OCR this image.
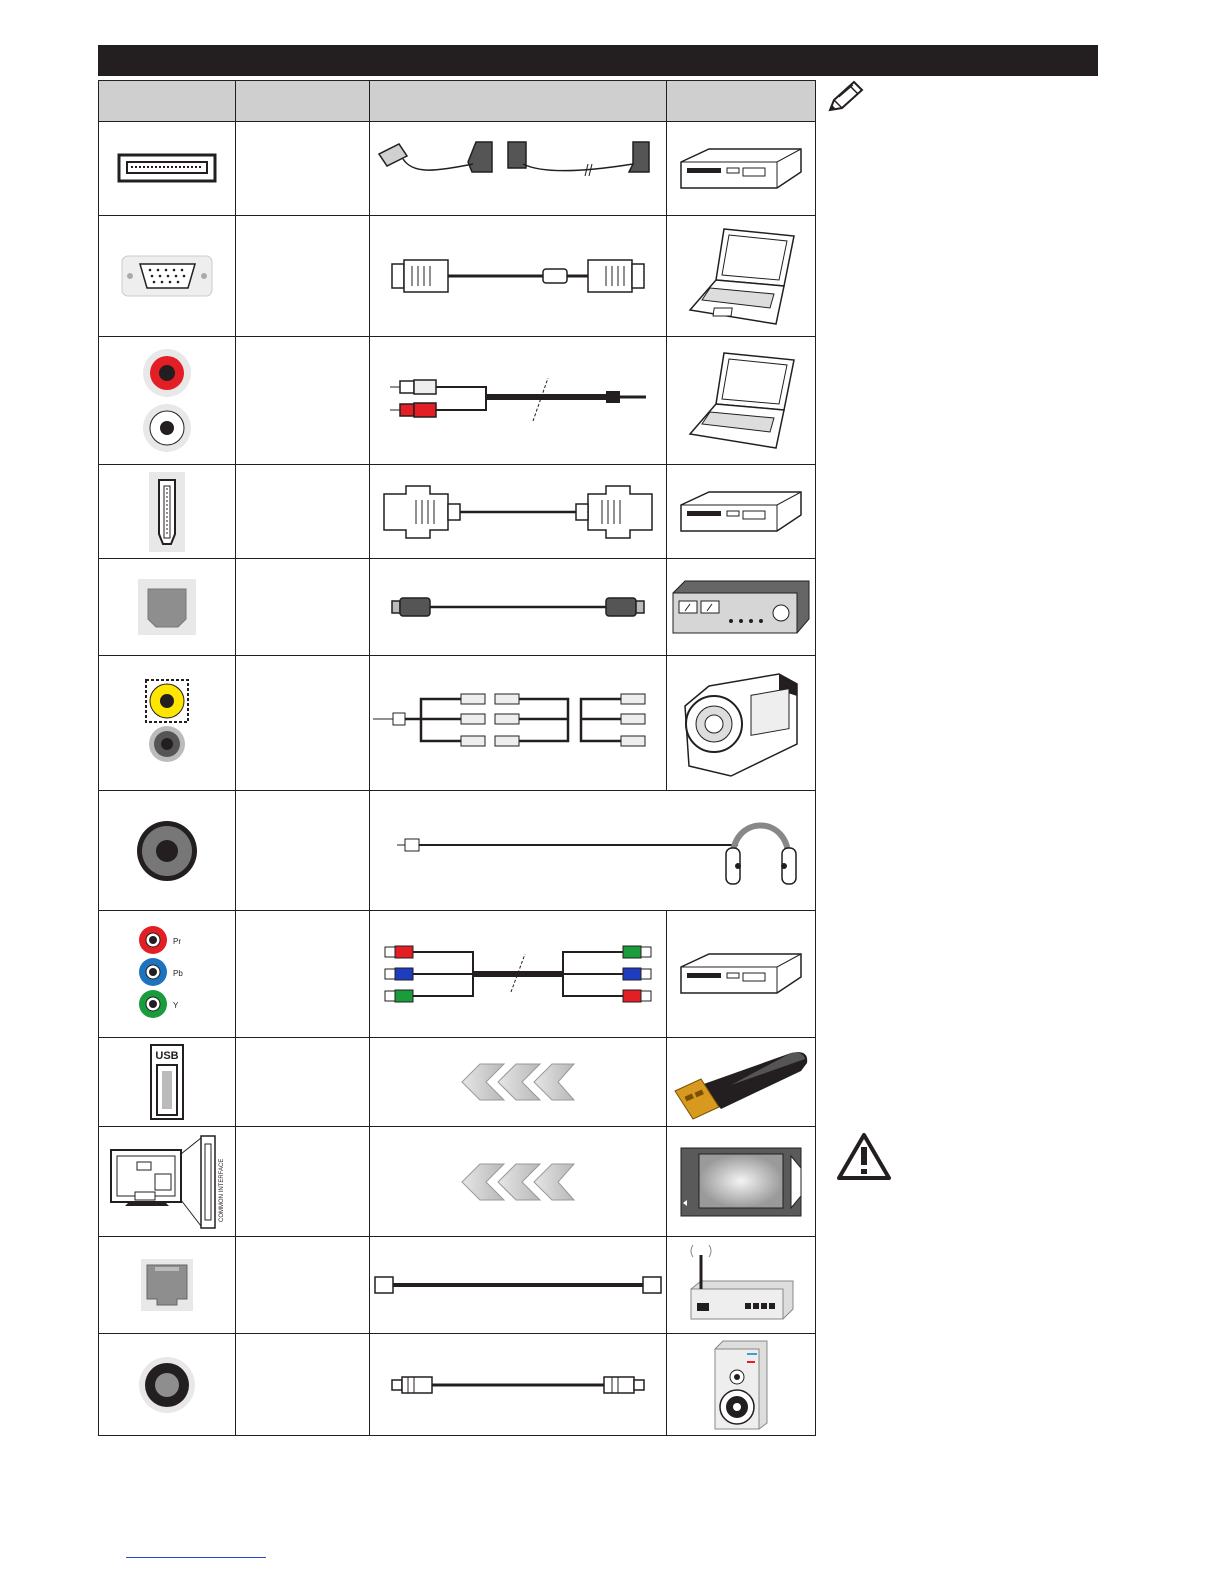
Pr
Pb
Y

USB

COMMON INTERFACE
